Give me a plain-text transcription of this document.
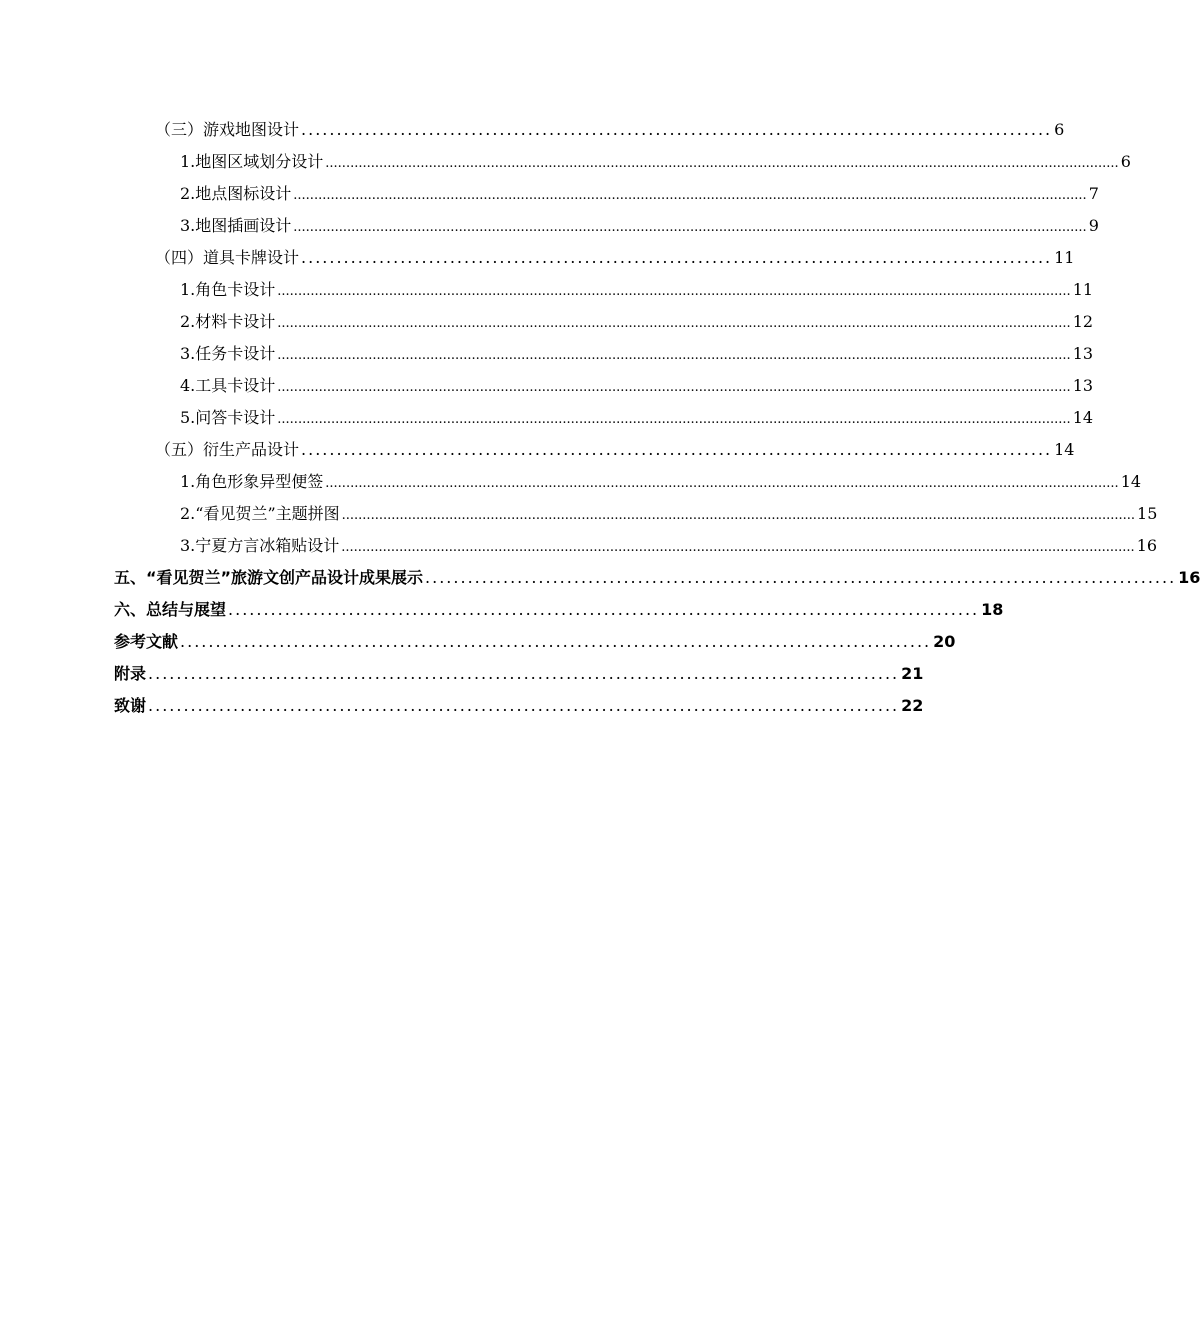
（三）游戏地图设计 .......................................................................................................... 6
1.地图区域划分设计 ................................................................................................................................................................................................ 6
2.地点图标设计 ................................................................................................................................................................................................ 7
3.地图插画设计 ................................................................................................................................................................................................ 9
（四）道具卡牌设计 .......................................................................................................... 11
1.角色卡设计 ................................................................................................................................................................................................ 11
2.材料卡设计 ................................................................................................................................................................................................ 12
3.任务卡设计 ................................................................................................................................................................................................ 13
4.工具卡设计 ................................................................................................................................................................................................ 13
5.问答卡设计 ................................................................................................................................................................................................ 14
（五）衍生产品设计 .......................................................................................................... 14
1.角色形象异型便签 ................................................................................................................................................................................................ 14
2.“看见贺兰”主题拼图 ................................................................................................................................................................................................ 15
3.宁夏方言冰箱贴设计 ................................................................................................................................................................................................ 16
五、“看见贺兰”旅游文创产品设计成果展示 .......................................................................................................... 16
六、总结与展望 .......................................................................................................... 18
参考文献 .......................................................................................................... 20
附录 .......................................................................................................... 21
致谢 .......................................................................................................... 22
